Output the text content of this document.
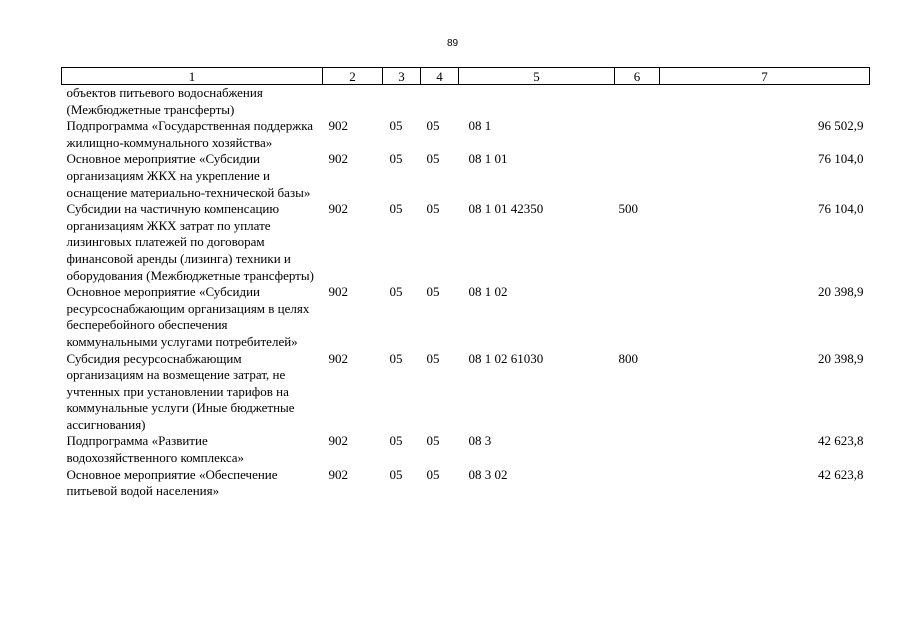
89
1	2	3	4	5	6	7
объектов питьевого водоснабжения (Межбюджетные трансферты)						
Подпрограмма «Государственная поддержка жилищно-коммунального хозяйства»	902	05	05	08 1		96 502,9
Основное мероприятие «Субсидии организациям ЖКХ на укрепление и оснащение материально-технической базы»	902	05	05	08 1 01		76 104,0
Субсидии на частичную компенсацию организациям ЖКХ затрат по уплате лизинговых платежей по договорам финансовой аренды (лизинга) техники и оборудования (Межбюджетные трансферты)	902	05	05	08 1 01 42350	500	76 104,0
Основное мероприятие «Субсидии ресурсоснабжающим организациям в целях бесперебойного обеспечения коммунальными услугами потребителей»	902	05	05	08 1 02		20 398,9
Субсидия ресурсоснабжающим организациям на возмещение затрат, не учтенных при установлении тарифов на коммунальные услуги (Иные бюджетные ассигнования)	902	05	05	08 1 02 61030	800	20 398,9
Подпрограмма «Развитие водохозяйственного комплекса»	902	05	05	08 3		42 623,8
Основное мероприятие «Обеспечение питьевой водой населения»	902	05	05	08 3 02		42 623,8
